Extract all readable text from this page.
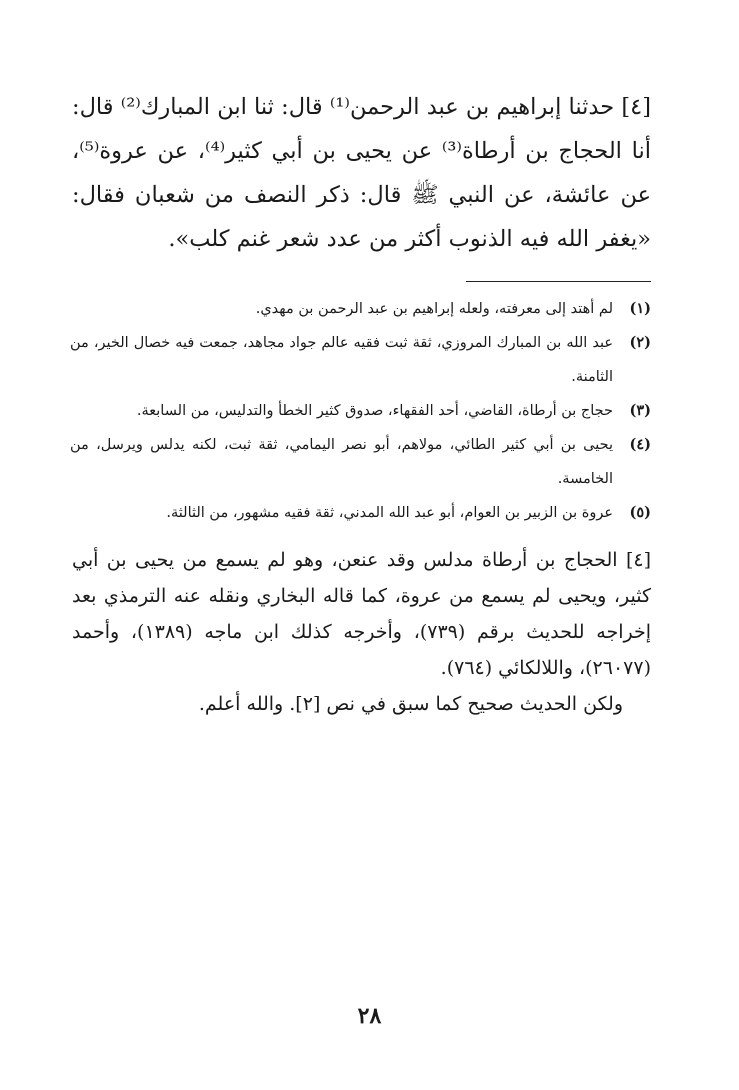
[٤] حدثنا إبراهيم بن عبد الرحمن⁽¹⁾ قال: ثنا ابن المبارك⁽²⁾ قال: أنا الحجاج بن أرطاة⁽³⁾ عن يحيى بن أبي كثير⁽⁴⁾، عن عروة⁽⁵⁾، عن عائشة، عن النبي ﷺ قال: ذكر النصف من شعبان فقال: «يغفر الله فيه الذنوب أكثر من عدد شعر غنم كلب».

(١)
لم أهتد إلى معرفته، ولعله إبراهيم بن عبد الرحمن بن مهدي.
(٢)
عبد الله بن المبارك المروزي، ثقة ثبت فقيه عالم جواد مجاهد، جمعت فيه خصال الخير، من الثامنة.
(٣)
حجاج بن أرطاة، القاضي، أحد الفقهاء، صدوق كثير الخطأ والتدليس، من السابعة.
(٤)
يحيى بن أبي كثير الطائي، مولاهم، أبو نصر اليمامي، ثقة ثبت، لكنه يدلس ويرسل، من الخامسة.
(٥)
عروة بن الزبير بن العوام، أبو عبد الله المدني، ثقة فقيه مشهور، من الثالثة.

[٤] الحجاج بن أرطاة مدلس وقد عنعن، وهو لم يسمع من يحيى بن أبي كثير، ويحيى لم يسمع من عروة، كما قاله البخاري ونقله عنه الترمذي بعد إخراجه للحديث برقم (٧٣٩)، وأخرجه كذلك ابن ماجه (١٣٨٩)، وأحمد (٢٦٠٧٧)، واللالكائي (٧٦٤).

ولكن الحديث صحيح كما سبق في نص [٢]. والله أعلم.

٢٨
